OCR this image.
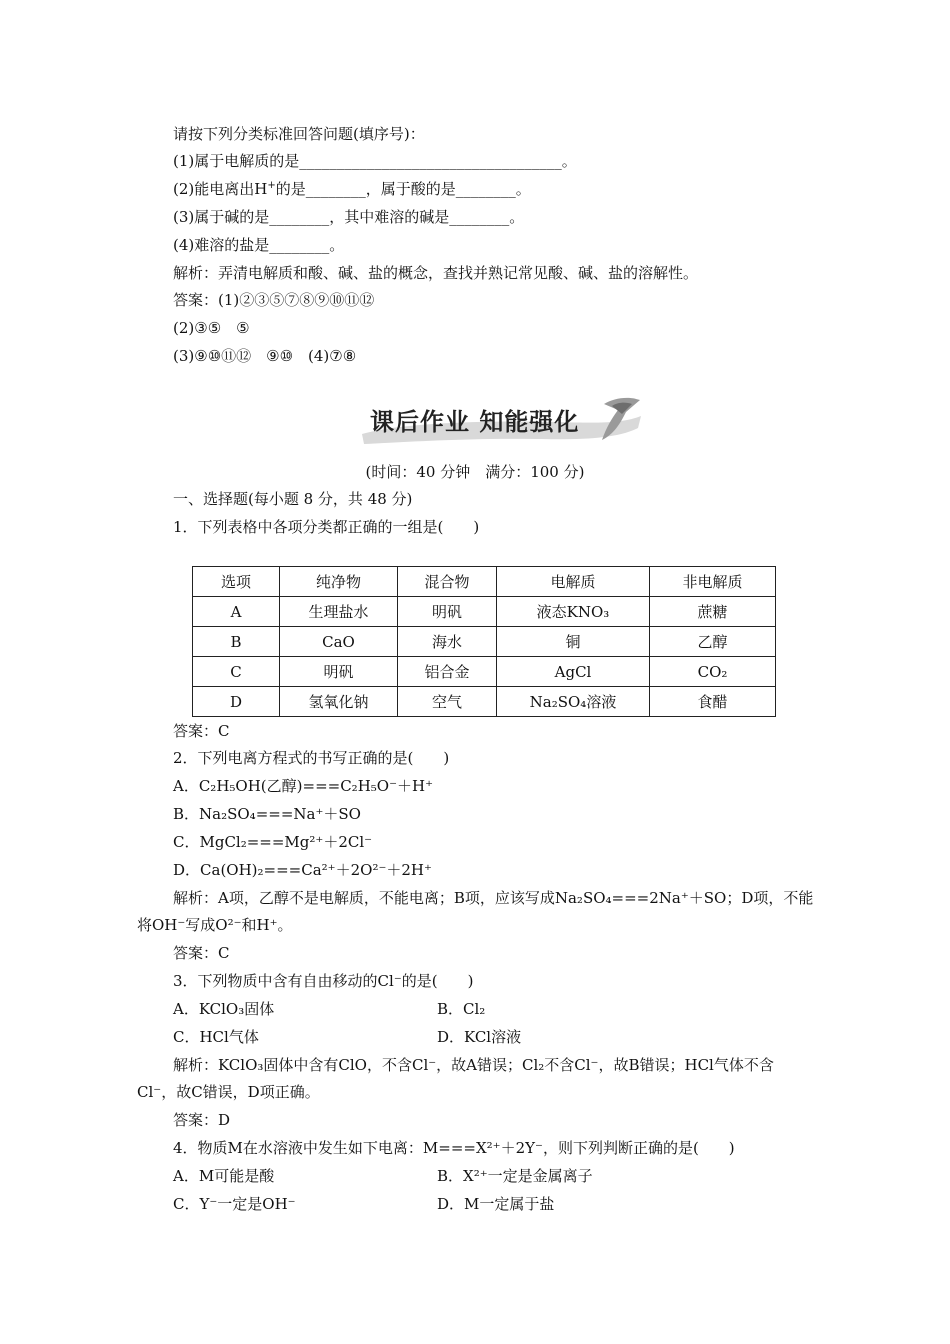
请按下列分类标准回答问题(填序号)：
(1)属于电解质的是___________________________________。
(2)能电离出H+的是________，属于酸的是________。
(3)属于碱的是________，其中难溶的碱是________。
(4)难溶的盐是________。
解析：弄清电解质和酸、碱、盐的概念，查找并熟记常见酸、碱、盐的溶解性。
答案：(1)②③⑤⑦⑧⑨⑩⑪⑫
(2)③⑤　⑤
(3)⑨⑩⑪⑫　⑨⑩　(4)⑦⑧
课后作业 知能强化
(时间：40 分钟　满分：100 分)
一、选择题(每小题 8 分，共 48 分)
1．下列表格中各项分类都正确的一组是(　　)
选项	纯净物	混合物	电解质	非电解质
A	生理盐水	明矾	液态KNO₃	蔗糖
B	CaO	海水	铜	乙醇
C	明矾	铝合金	AgCl	CO₂
D	氢氧化钠	空气	Na₂SO₄溶液	食醋
答案：C
2．下列电离方程式的书写正确的是(　　)
A．C₂H₅OH(乙醇)===C₂H₅O⁻＋H⁺
B．Na₂SO₄===Na⁺＋SO
C．MgCl₂===Mg²⁺＋2Cl⁻
D．Ca(OH)₂===Ca²⁺＋2O²⁻＋2H⁺
解析：A项，乙醇不是电解质，不能电离；B项，应该写成Na₂SO₄===2Na⁺＋SO；D项，不能
将OH⁻写成O²⁻和H⁺。
答案：C
3．下列物质中含有自由移动的Cl⁻的是(　　)
A．KClO₃固体	B．Cl₂
C．HCl气体	D．KCl溶液
解析：KClO₃固体中含有ClO，不含Cl⁻，故A错误；Cl₂不含Cl⁻，故B错误；HCl气体不含
Cl⁻，故C错误，D项正确。
答案：D
4．物质M在水溶液中发生如下电离：M===X²⁺＋2Y⁻，则下列判断正确的是(　　)
A．M可能是酸	B．X²⁺一定是金属离子
C．Y⁻一定是OH⁻	D．M一定属于盐
